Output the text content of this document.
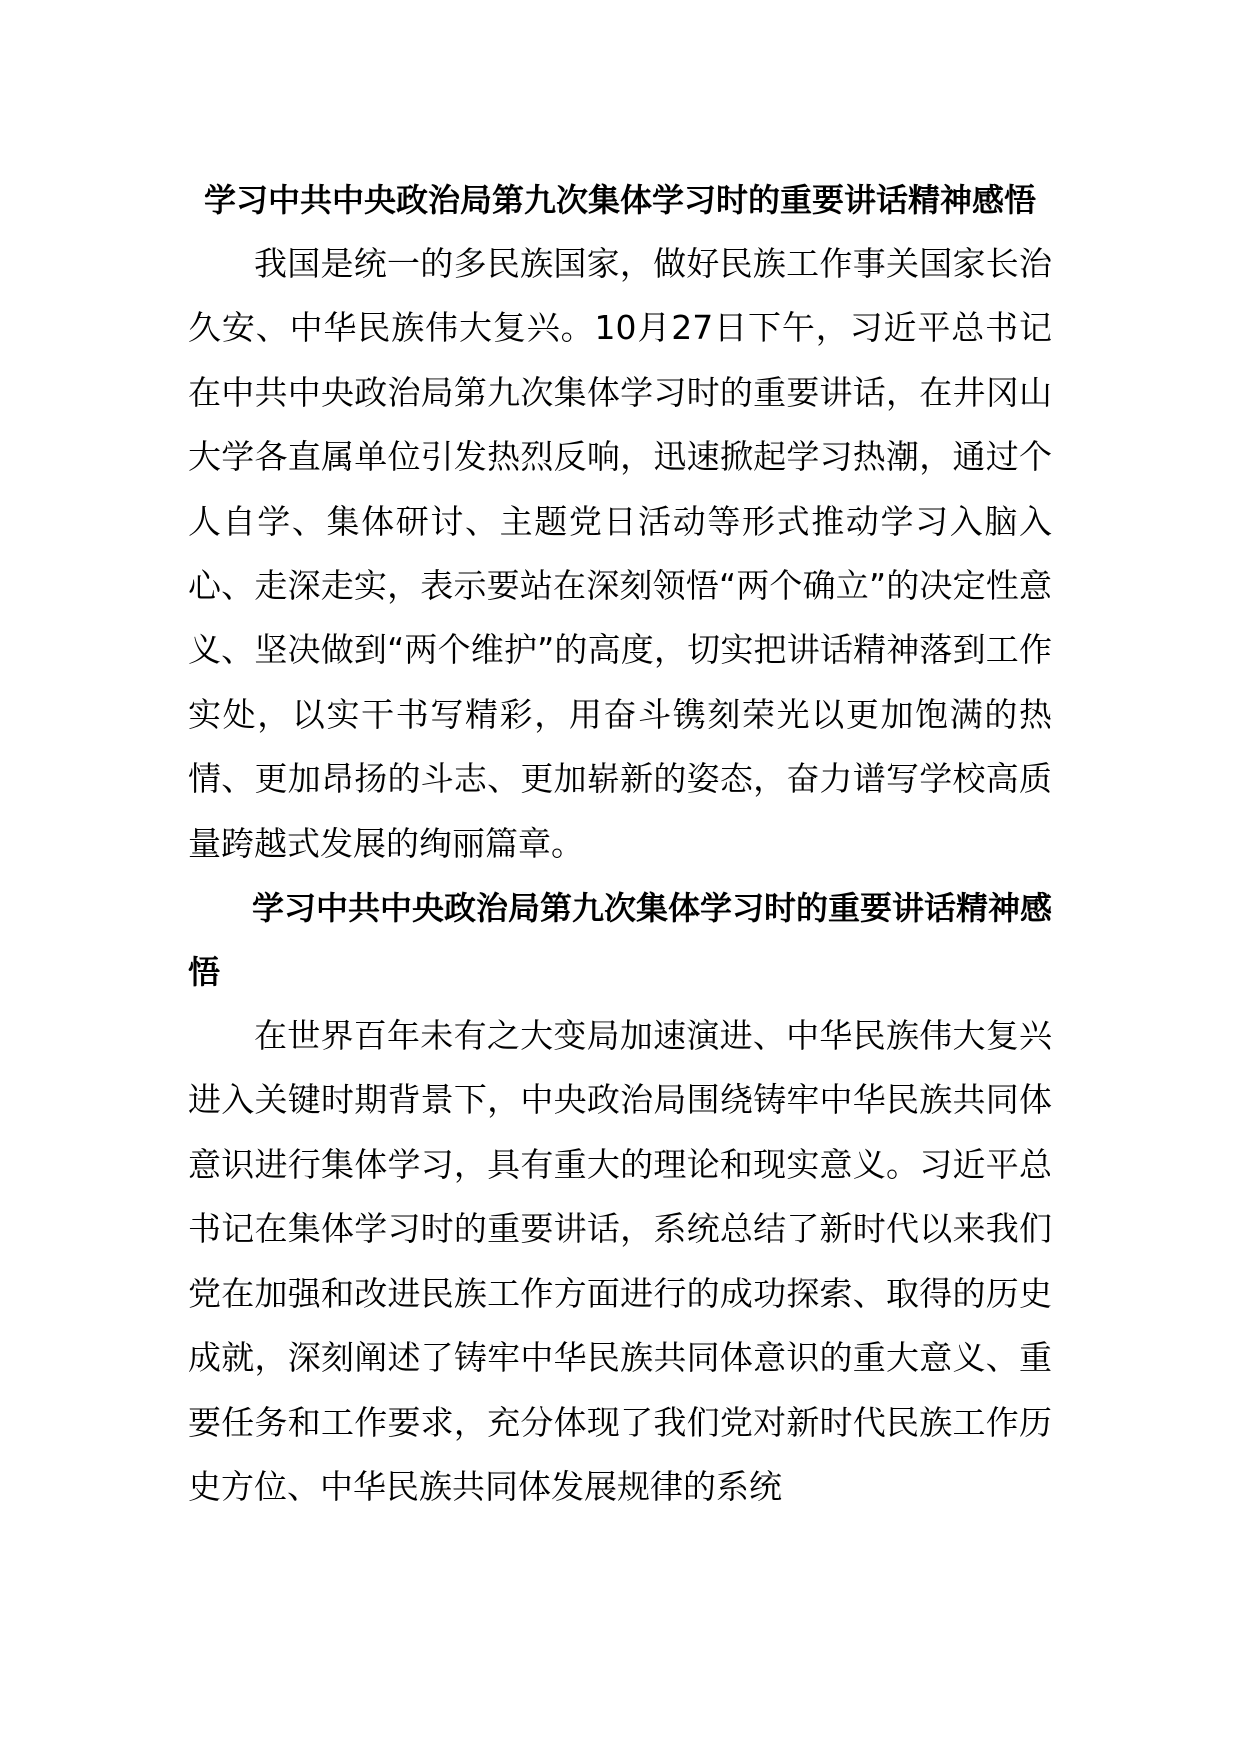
学习中共中央政治局第九次集体学习时的重要讲话精神感悟

我国是统一的多民族国家，做好民族工作事关国家长治久安、中华民族伟大复兴。10月27日下午，习近平总书记在中共中央政治局第九次集体学习时的重要讲话，在井冈山大学各直属单位引发热烈反响，迅速掀起学习热潮，通过个人自学、集体研讨、主题党日活动等形式推动学习入脑入心、走深走实，表示要站在深刻领悟“两个确立”的决定性意义、坚决做到“两个维护”的高度，切实把讲话精神落到工作实处，以实干书写精彩，用奋斗镌刻荣光以更加饱满的热情、更加昂扬的斗志、更加崭新的姿态，奋力谱写学校高质量跨越式发展的绚丽篇章。

学习中共中央政治局第九次集体学习时的重要讲话精神感悟

在世界百年未有之大变局加速演进、中华民族伟大复兴进入关键时期背景下，中央政治局围绕铸牢中华民族共同体意识进行集体学习，具有重大的理论和现实意义。习近平总书记在集体学习时的重要讲话，系统总结了新时代以来我们党在加强和改进民族工作方面进行的成功探索、取得的历史成就，深刻阐述了铸牢中华民族共同体意识的重大意义、重要任务和工作要求，充分体现了我们党对新时代民族工作历史方位、中华民族共同体发展规律的系统
